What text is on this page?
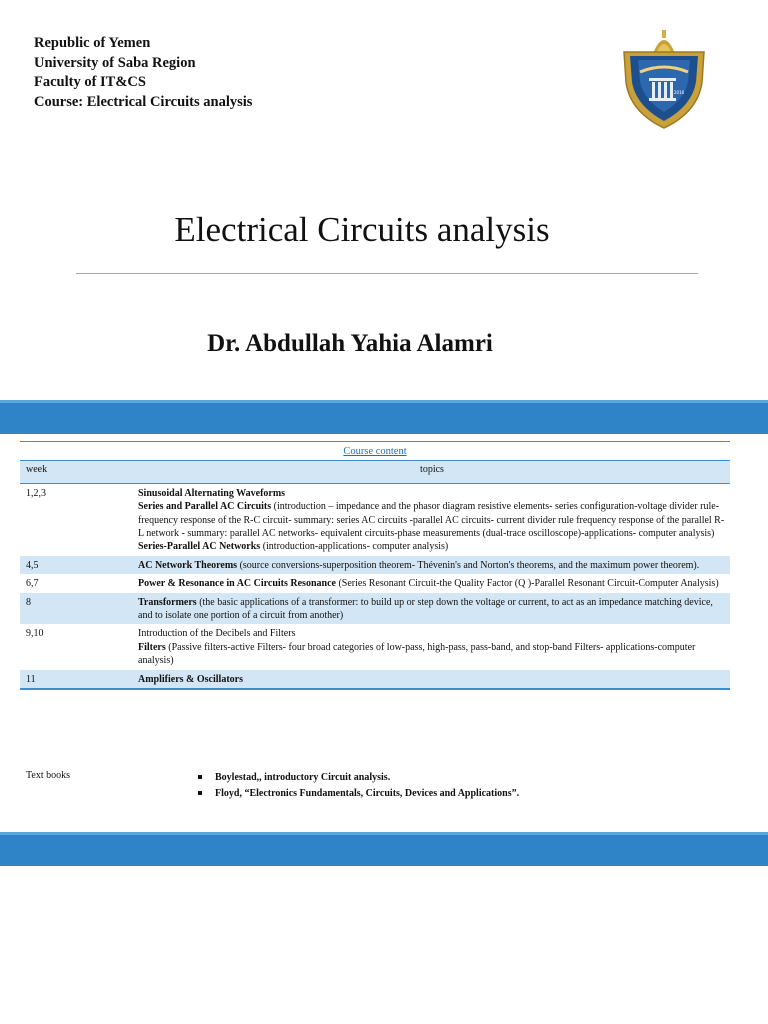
Republic of Yemen
University of Saba Region
Faculty of IT&CS
Course: Electrical Circuits analysis
2016
Electrical Circuits analysis
Dr. Abdullah Yahia Alamri
Course content
week	topics
1,2,3	Sinusoidal Alternating Waveforms
Series and Parallel AC Circuits (introduction – impedance and the phasor diagram resistive elements- series configuration-voltage divider rule-frequency response of the R-C circuit- summary: series AC circuits -parallel AC circuits- current divider rule frequency response of the parallel R-L network - summary: parallel AC networks- equivalent circuits-phase measurements (dual-trace oscilloscope)-applications- computer analysis)
Series-Parallel AC Networks (introduction-applications- computer analysis)
4,5	AC Network Theorems (source conversions-superposition theorem- Thévenin's and Norton's theorems, and the maximum power theorem).
6,7	Power & Resonance in AC Circuits Resonance (Series Resonant Circuit-the Quality Factor (Q )-Parallel Resonant Circuit-Computer Analysis)
8	Transformers (the basic applications of a transformer: to build up or step down the voltage or current, to act as an impedance matching device, and to isolate one portion of a circuit from another)
9,10	Introduction of the Decibels and Filters
Filters (Passive filters-active Filters- four broad categories of low-pass, high-pass, pass-band, and stop-band Filters- applications-computer analysis)
11	Amplifiers & Oscillators
Text books	Boylestad,, introductory Circuit analysis.
Floyd, “Electronics Fundamentals, Circuits, Devices and Applications”.
